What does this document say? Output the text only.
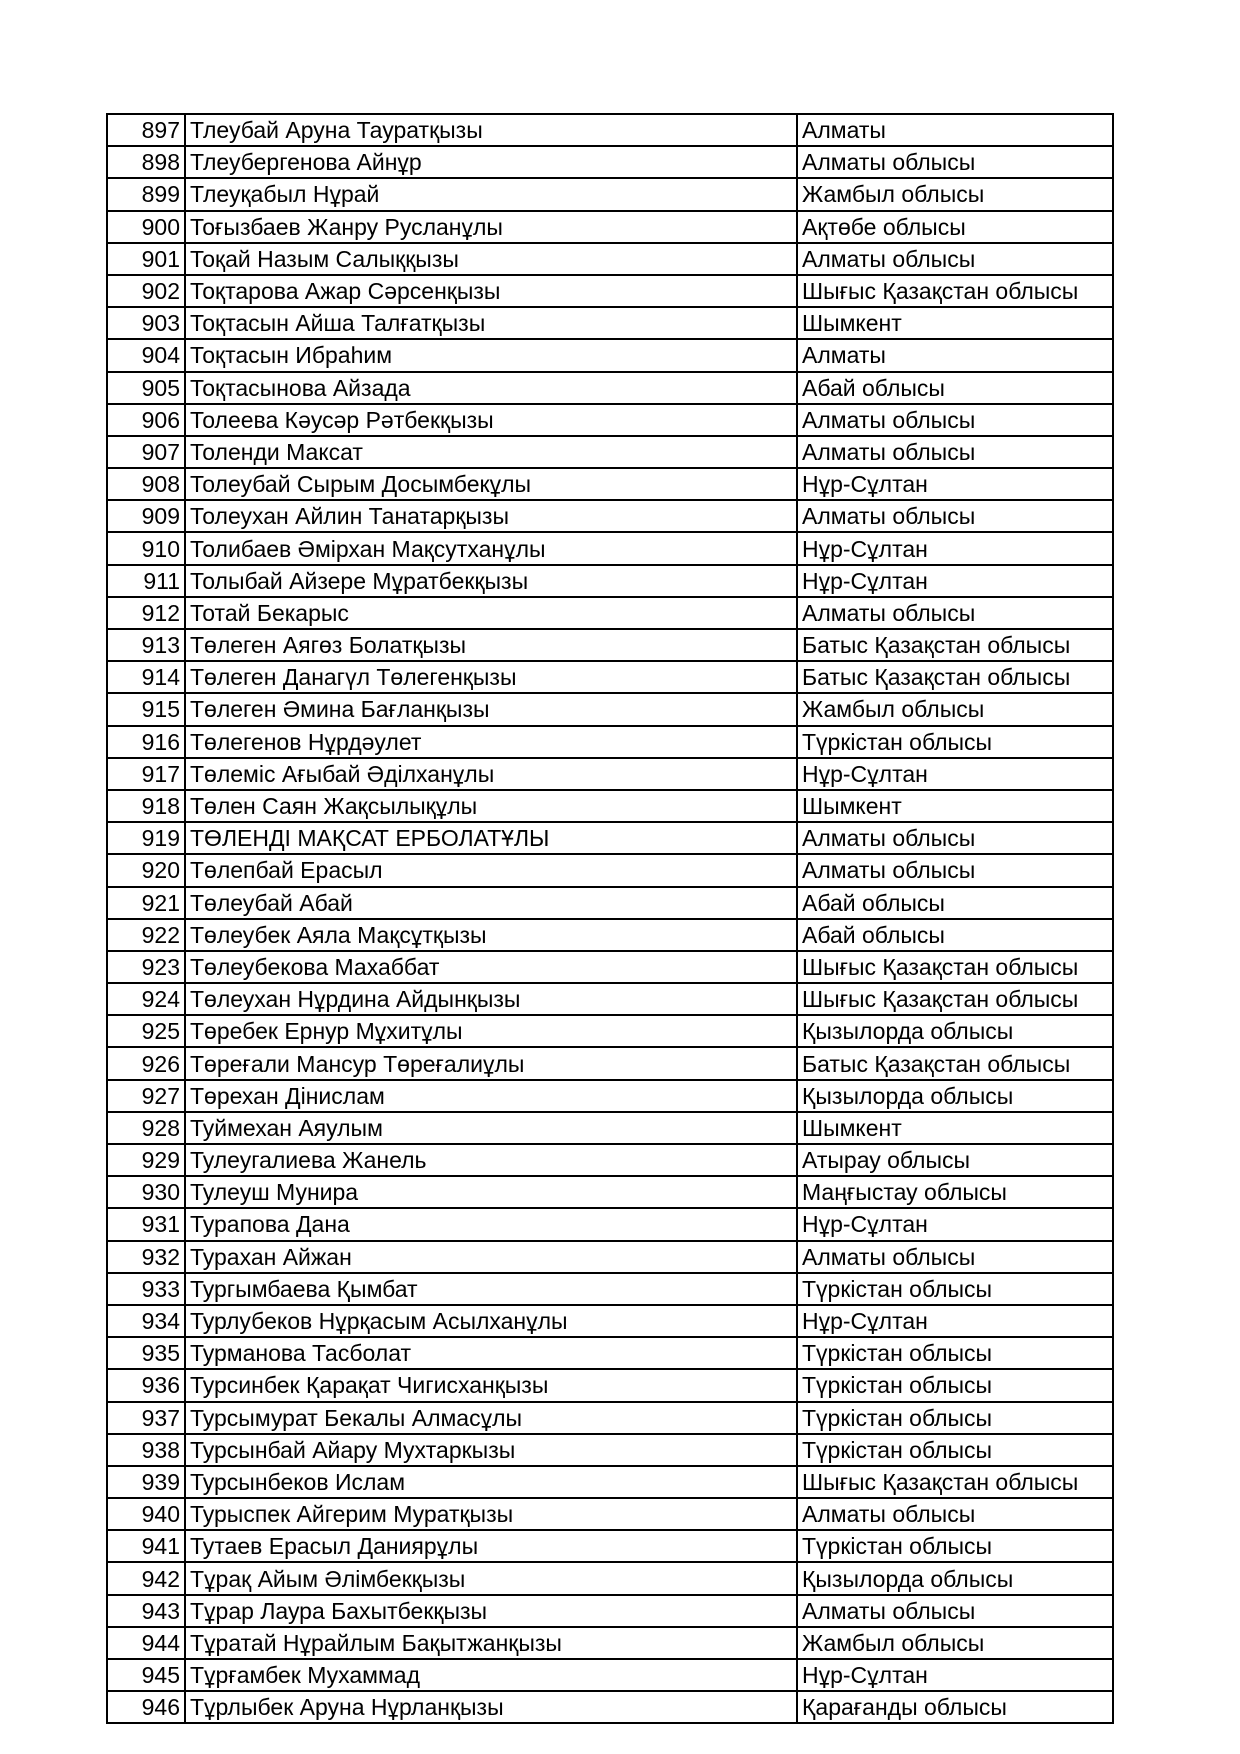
897	Тлеубай Аруна Тауратқызы	Алматы
898	Тлеубергенова Айнұр	Алматы облысы
899	Тлеуқабыл Нұрай	Жамбыл облысы
900	Тоғызбаев Жанру Русланұлы	Ақтөбе облысы
901	Тоқай Назым Салыққызы	Алматы облысы
902	Тоқтарова Ажар Сәрсенқызы	Шығыс Қазақстан облысы
903	Тоқтасын Айша Талғатқызы	Шымкент
904	Тоқтасын Ибраһим	Алматы
905	Тоқтасынова Айзада	Абай облысы
906	Толеева Кәусәр Рәтбекқызы	Алматы облысы
907	Толенди Максат	Алматы облысы
908	Толеубай Сырым Досымбекұлы	Нұр-Сұлтан
909	Толеухан Айлин Танатарқызы	Алматы облысы
910	Толибаев Әмірхан Мақсутханұлы	Нұр-Сұлтан
911	Толыбай Айзере Мұратбекқызы	Нұр-Сұлтан
912	Тотай Бекарыс	Алматы облысы
913	Төлеген Аягөз Болатқызы	Батыс Қазақстан облысы
914	Төлеген Данагүл Төлегенқызы	Батыс Қазақстан облысы
915	Төлеген Әмина Бағланқызы	Жамбыл облысы
916	Төлегенов Нұрдәулет	Түркістан облысы
917	Төлеміс Ағыбай Әділханұлы	Нұр-Сұлтан
918	Төлен Саян Жақсылықұлы	Шымкент
919	ТӨЛЕНДІ МАҚСАТ ЕРБОЛАТҰЛЫ	Алматы облысы
920	Төлепбай Ерасыл	Алматы облысы
921	Төлеубай Абай	Абай облысы
922	Төлеубек Аяла Мақсұтқызы	Абай облысы
923	Төлеубекова Махаббат	Шығыс Қазақстан облысы
924	Төлеухан Нұрдина Айдынқызы	Шығыс Қазақстан облысы
925	Төребек Ернур Мұхитұлы	Қызылорда облысы
926	Төреғали Мансур Төреғалиұлы	Батыс Қазақстан облысы
927	Төрехан Дінислам	Қызылорда облысы
928	Туймехан Аяулым	Шымкент
929	Тулеугалиева Жанель	Атырау облысы
930	Тулеуш Мунира	Маңғыстау облысы
931	Турапова Дана	Нұр-Сұлтан
932	Турахан Айжан	Алматы облысы
933	Тургымбаева Қымбат	Түркістан облысы
934	Турлубеков Нұрқасым Асылханұлы	Нұр-Сұлтан
935	Турманова Тасболат	Түркістан облысы
936	Турсинбек Қарақат Чигисханқызы	Түркістан облысы
937	Турсымурат Бекалы Алмасұлы	Түркістан облысы
938	Турсынбай Айару Мухтаркызы	Түркістан облысы
939	Турсынбеков Ислам	Шығыс Қазақстан облысы
940	Турыспек Айгерим Муратқызы	Алматы облысы
941	Тутаев Ерасыл Даниярұлы	Түркістан облысы
942	Тұрақ Айым Әлімбекқызы	Қызылорда облысы
943	Тұрар Лаура Бахытбекқызы	Алматы облысы
944	Тұратай Нұрайлым Бақытжанқызы	Жамбыл облысы
945	Тұрғамбек Мухаммад	Нұр-Сұлтан
946	Тұрлыбек Аруна Нұрланқызы	Қарағанды облысы
